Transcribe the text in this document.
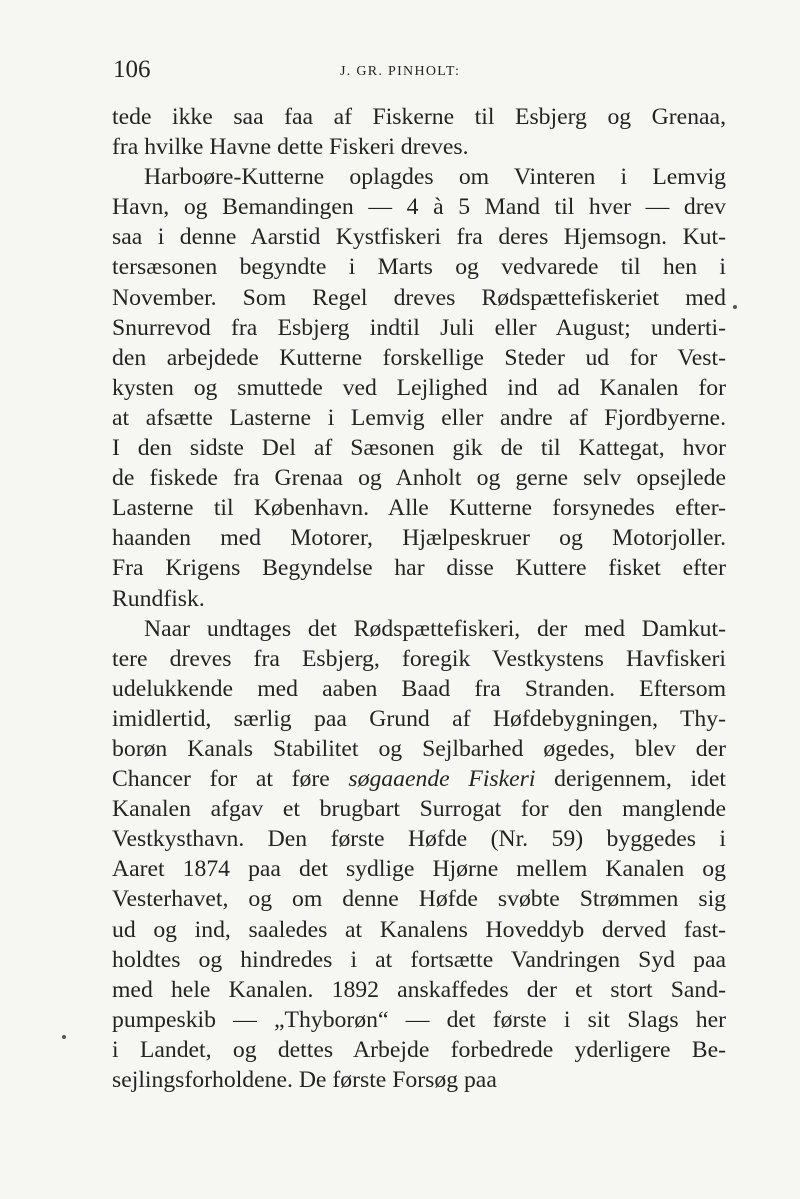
106	J. GR. PINHOLT:
tede ikke saa faa af Fiskerne til Esbjerg og Grenaa,
fra hvilke Havne dette Fiskeri dreves.
Harboøre-Kutterne oplagdes om Vinteren i Lemvig
Havn, og Bemandingen — 4 à 5 Mand til hver — drev
saa i denne Aarstid Kystfiskeri fra deres Hjemsogn. Kut-
tersæsonen begyndte i Marts og vedvarede til hen i
November. Som Regel dreves Rødspættefiskeriet med
Snurrevod fra Esbjerg indtil Juli eller August; underti-
den arbejdede Kutterne forskellige Steder ud for Vest-
kysten og smuttede ved Lejlighed ind ad Kanalen for
at afsætte Lasterne i Lemvig eller andre af Fjordbyerne.
I den sidste Del af Sæsonen gik de til Kattegat, hvor
de fiskede fra Grenaa og Anholt og gerne selv opsejlede
Lasterne til København. Alle Kutterne forsynedes efter-
haanden med Motorer, Hjælpeskruer og Motorjoller.
Fra Krigens Begyndelse har disse Kuttere fisket efter
Rundfisk.
Naar undtages det Rødspættefiskeri, der med Damkut-
tere dreves fra Esbjerg, foregik Vestkystens Havfiskeri
udelukkende med aaben Baad fra Stranden. Eftersom
imidlertid, særlig paa Grund af Høfdebygningen, Thy-
borøn Kanals Stabilitet og Sejlbarhed øgedes, blev der
Chancer for at føre søgaaende Fiskeri derigennem, idet
Kanalen afgav et brugbart Surrogat for den manglende
Vestkysthavn. Den første Høfde (Nr. 59) byggedes i
Aaret 1874 paa det sydlige Hjørne mellem Kanalen og
Vesterhavet, og om denne Høfde svøbte Strømmen sig
ud og ind, saaledes at Kanalens Hoveddyb derved fast-
holdtes og hindredes i at fortsætte Vandringen Syd paa
med hele Kanalen. 1892 anskaffedes der et stort Sand-
pumpeskib — „Thyborøn“ — det første i sit Slags her
i Landet, og dettes Arbejde forbedrede yderligere Be-
sejlingsforholdene. De første Forsøg paa
